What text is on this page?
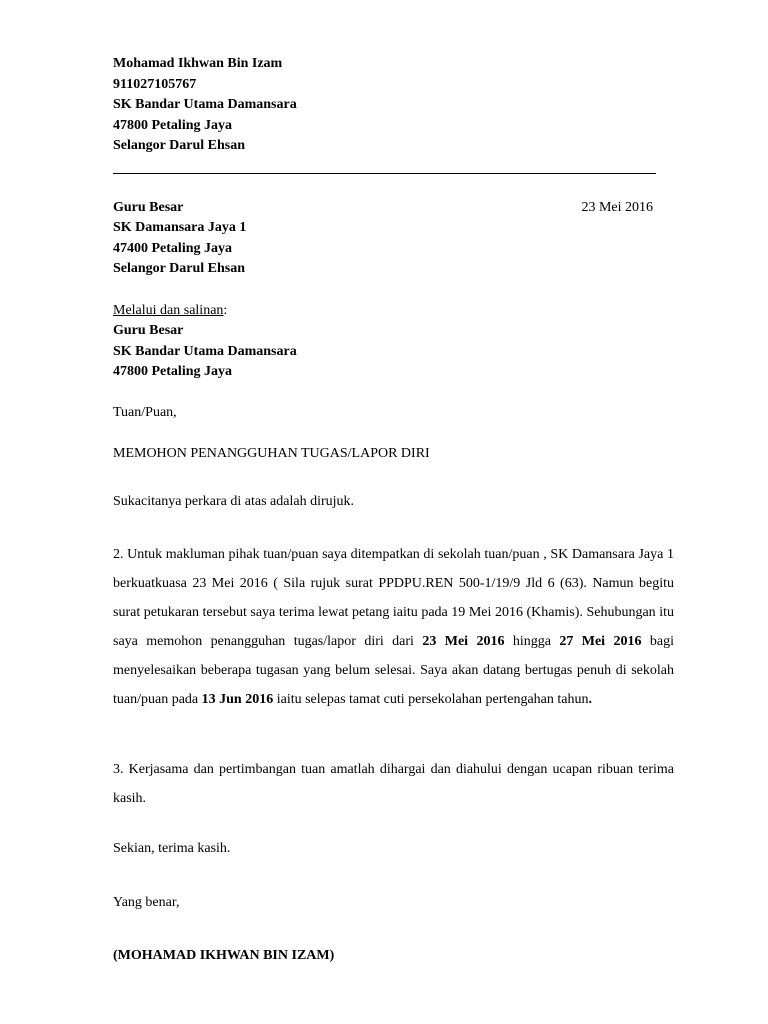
Mohamad Ikhwan Bin Izam
911027105767
SK Bandar Utama Damansara
47800 Petaling Jaya
Selangor Darul Ehsan
Guru Besar
SK Damansara Jaya 1
47400 Petaling Jaya
Selangor Darul Ehsan
23 Mei 2016
Melalui dan salinan:
Guru Besar
SK Bandar Utama Damansara
47800 Petaling Jaya
Tuan/Puan,
MEMOHON PENANGGUHAN TUGAS/LAPOR DIRI
Sukacitanya perkara di atas adalah dirujuk.
2. Untuk makluman pihak tuan/puan saya ditempatkan di sekolah tuan/puan , SK Damansara Jaya 1 berkuatkuasa 23 Mei 2016 ( Sila rujuk surat PPDPU.REN 500-1/19/9 Jld 6 (63). Namun begitu surat petukaran tersebut saya terima lewat petang iaitu pada 19 Mei 2016 (Khamis). Sehubungan itu saya memohon penangguhan tugas/lapor diri dari 23 Mei 2016 hingga 27 Mei 2016 bagi menyelesaikan beberapa tugasan yang belum selesai. Saya akan datang bertugas penuh di sekolah tuan/puan pada 13 Jun 2016 iaitu selepas tamat cuti persekolahan pertengahan tahun.
3. Kerjasama dan pertimbangan tuan amatlah dihargai dan diahului dengan ucapan ribuan terima kasih.
Sekian, terima kasih.
Yang benar,
(MOHAMAD IKHWAN BIN IZAM)
